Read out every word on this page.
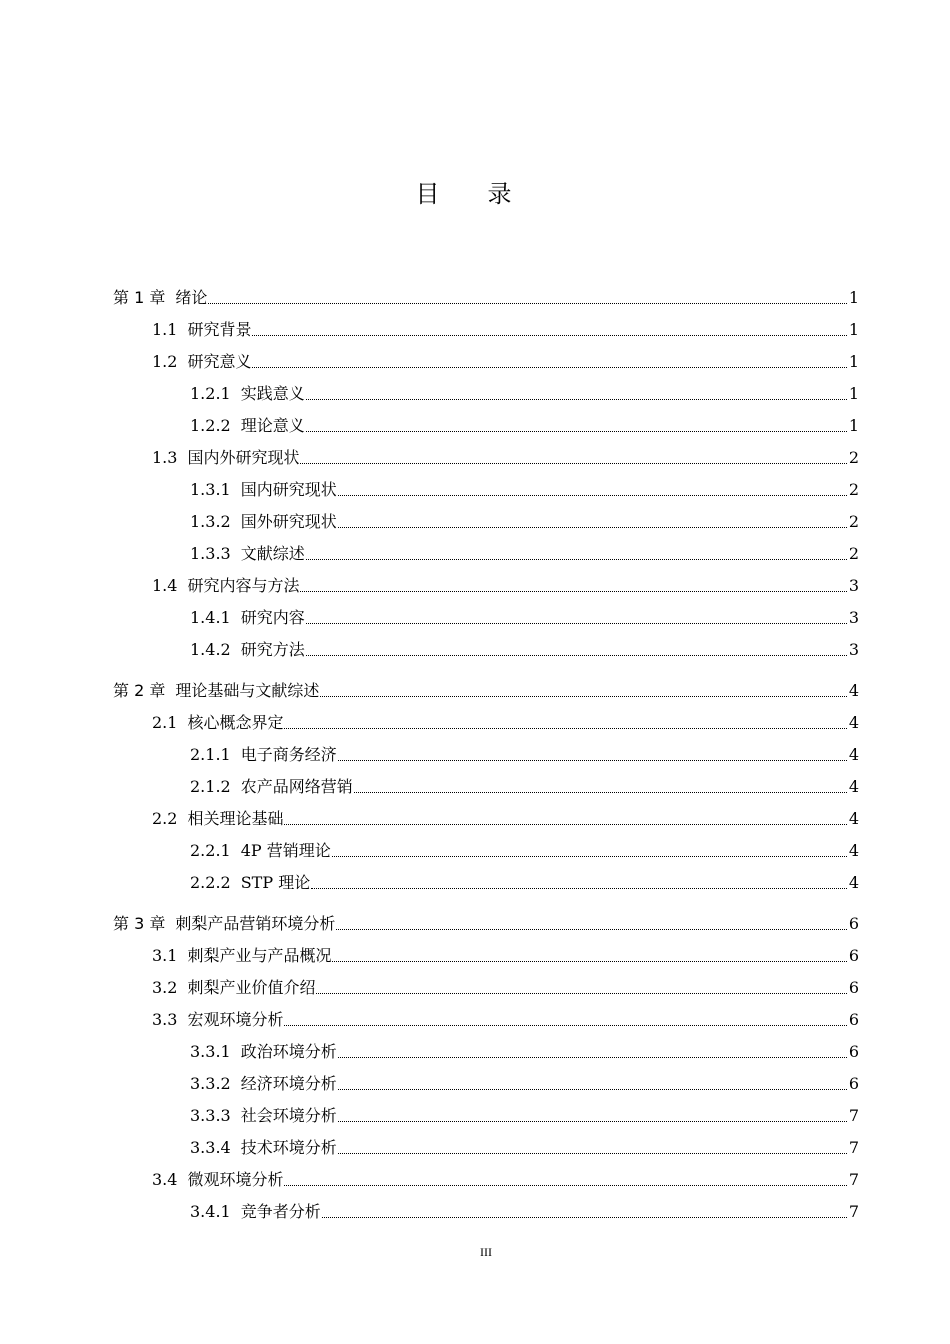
目录
第 1 章 绪论	1
1.1 研究背景	1
1.2 研究意义	1
1.2.1 实践意义	1
1.2.2 理论意义	1
1.3 国内外研究现状	2
1.3.1 国内研究现状	2
1.3.2 国外研究现状	2
1.3.3 文献综述	2
1.4 研究内容与方法	3
1.4.1 研究内容	3
1.4.2 研究方法	3
第 2 章 理论基础与文献综述	4
2.1 核心概念界定	4
2.1.1 电子商务经济	4
2.1.2 农产品网络营销	4
2.2 相关理论基础	4
2.2.1 4P 营销理论	4
2.2.2 STP 理论	4
第 3 章 刺梨产品营销环境分析	6
3.1 刺梨产业与产品概况	6
3.2 刺梨产业价值介绍	6
3.3 宏观环境分析	6
3.3.1 政治环境分析	6
3.3.2 经济环境分析	6
3.3.3 社会环境分析	7
3.3.4 技术环境分析	7
3.4 微观环境分析	7
3.4.1 竞争者分析	7
III
